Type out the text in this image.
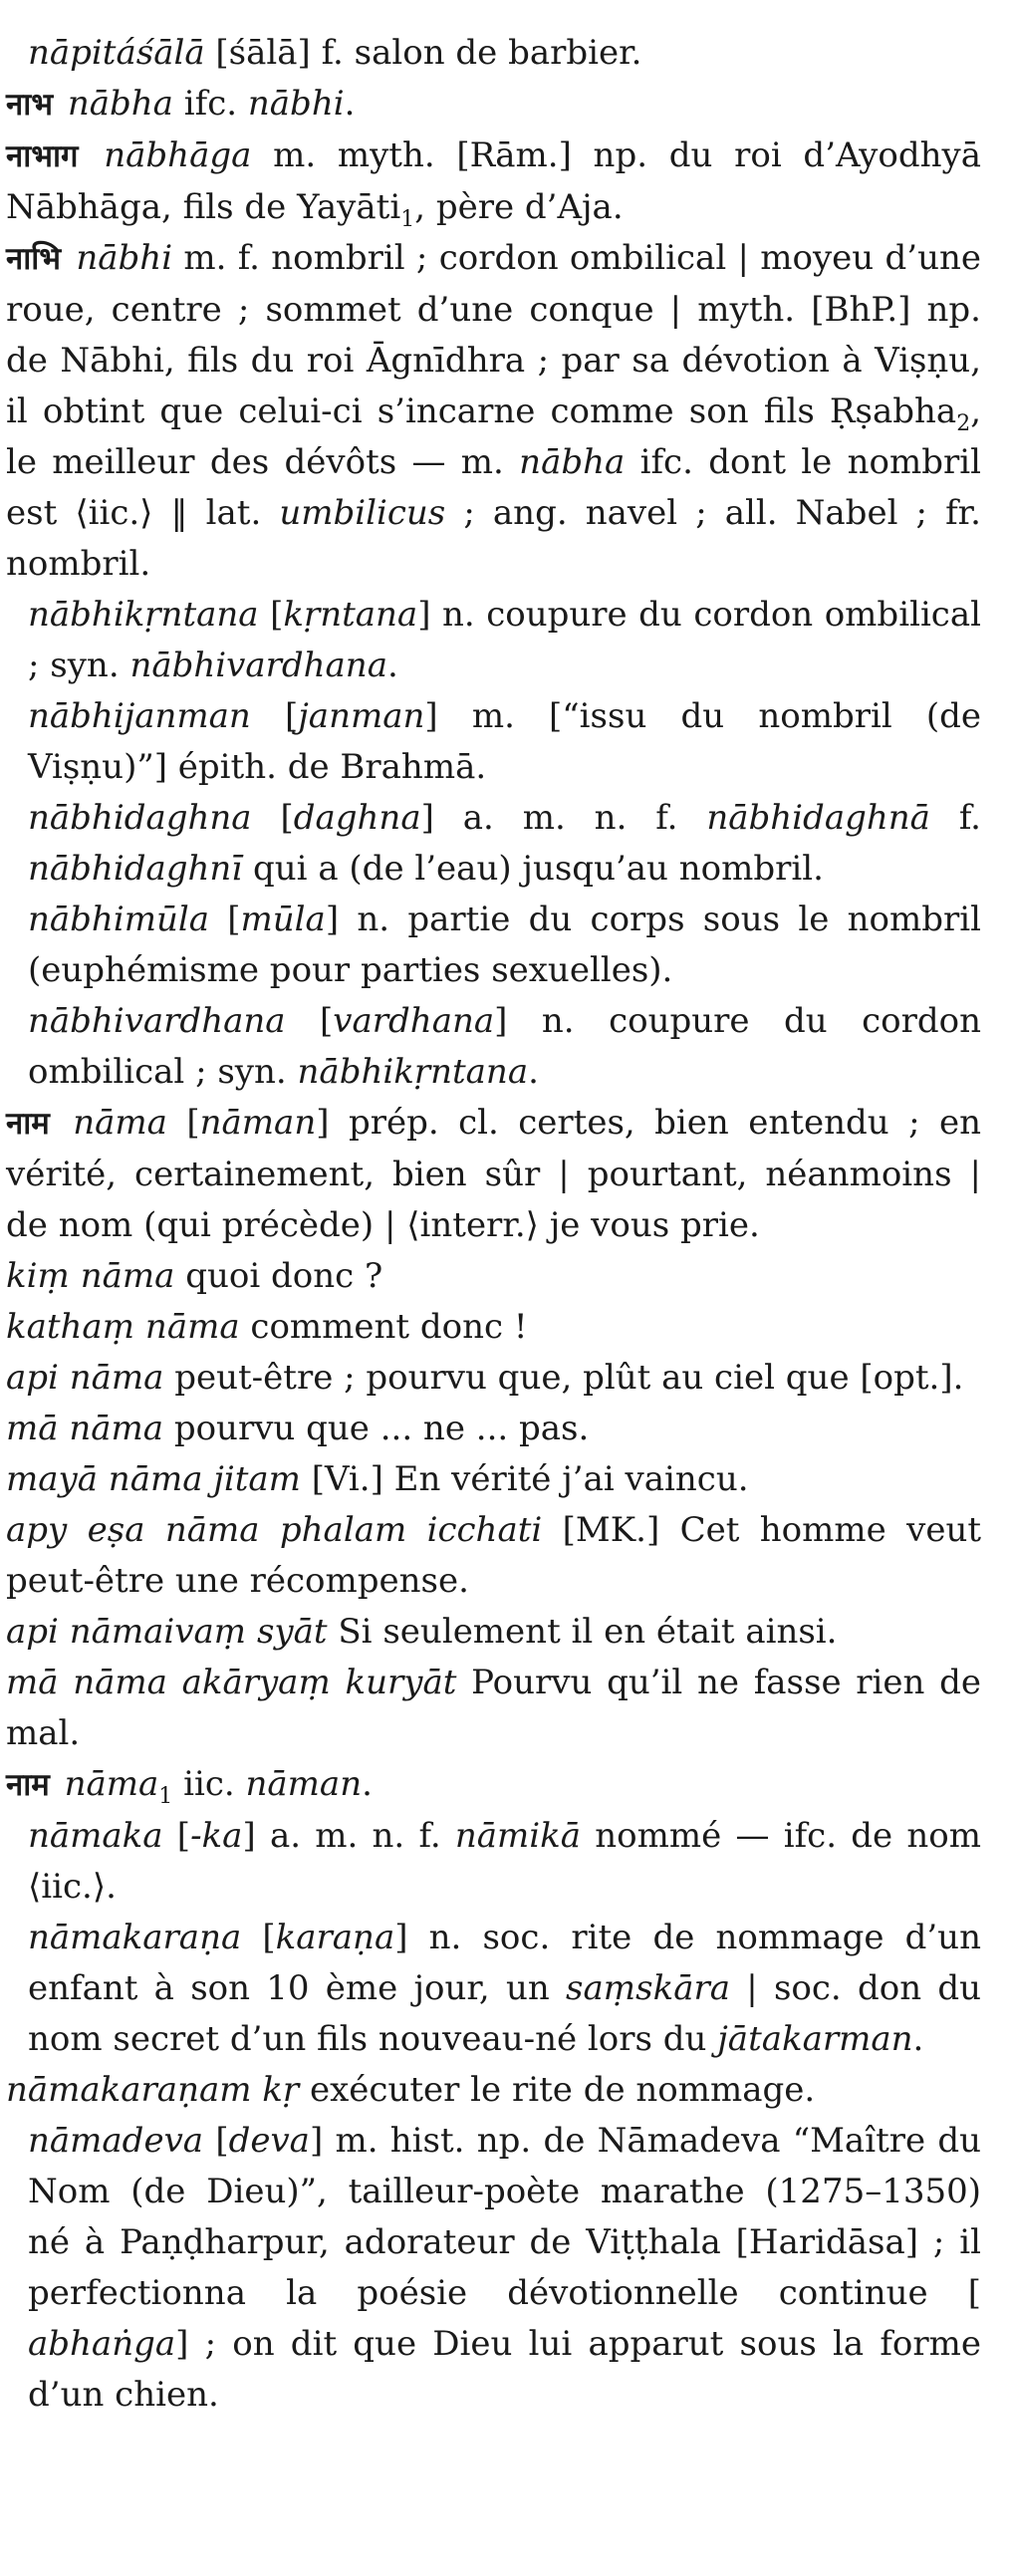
nāpitáśālā [śālā] f. salon de barbier.

नाभ nābha ifc. nābhi.

नाभाग nābhāga m. myth. [Rām.] np. du roi d’Ayodhyā Nābhāga, fils de Yayāti$_1$, père d’Aja.

नाभि nābhi m. f. nombril ; cordon ombilical | moyeu d’une roue, centre ; sommet d’une conque | myth. [BhP.] np. de Nābhi, fils du roi Āgnīdhra ; par sa dévotion à Viṣṇu, il obtint que celui-ci s’incarne comme son fils Ṛṣabha$_2$, le meilleur des dévôts — m. nābha ifc. dont le nombril est ⟨iic.⟩ ‖ lat. umbilicus ; ang. navel ; all. Nabel ; fr. nombril.

nābhikṛntana [kṛntana] n. coupure du cordon ombilical ; syn. nābhivardhana.

nābhijanman [janman] m. [“issu du nombril (de Viṣṇu)”] épith. de Brahmā.

nābhidaghna [daghna] a. m. n. f. nābhidaghnā f. nābhidaghnī qui a (de l’eau) jusqu’au nombril.

nābhimūla [mūla] n. partie du corps sous le nombril (euphémisme pour parties sexuelles).

nābhivardhana [vardhana] n. coupure du cordon ombilical ; syn. nābhikṛntana.

नाम nāma [nāman] prép. cl. certes, bien entendu ; en vérité, certainement, bien sûr | pourtant, néanmoins | de nom (qui précède) | ⟨interr.⟩ je vous prie.

kiṃ nāma quoi donc ?

kathaṃ nāma comment donc !

api nāma peut-être ; pourvu que, plût au ciel que [opt.].

mā nāma pourvu que ... ne ... pas.

mayā nāma jitam [Vi.] En vérité j’ai vaincu.

apy eṣa nāma phalam icchati [MK.] Cet homme veut peut-être une récompense.

api nāmaivaṃ syāt Si seulement il en était ainsi.

mā nāma akāryaṃ kuryāt Pourvu qu’il ne fasse rien de mal.

नाम nāma$_1$ iic. nāman.

nāmaka [-ka] a. m. n. f. nāmikā nommé — ifc. de nom ⟨iic.⟩.

nāmakaraṇa [karaṇa] n. soc. rite de nommage d’un enfant à son 10 ème jour, un saṃskāra | soc. don du nom secret d’un fils nouveau-né lors du jātakarman.

nāmakaraṇam kṛ exécuter le rite de nommage.

nāmadeva [deva] m. hist. np. de Nāmadeva “Maître du Nom (de Dieu)”, tailleur-poète marathe (1275–1350) né à Paṇḍharpur, adorateur de Viṭṭhala [Haridāsa] ; il perfectionna la poésie dévotionnelle continue [ abhaṅga] ; on dit que Dieu lui apparut sous la forme d’un chien.
